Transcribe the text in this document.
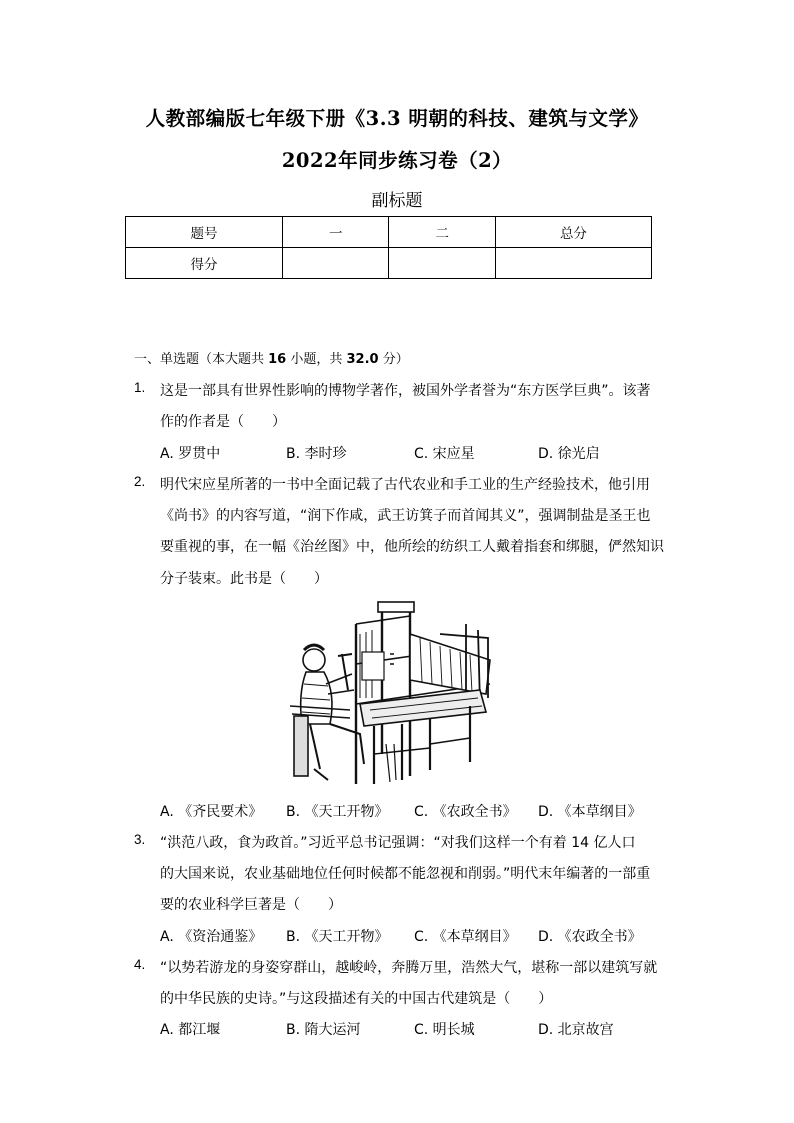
人教部编版七年级下册《3.3 明朝的科技、建筑与文学》
2022年同步练习卷（2）
副标题
题号	一	二	总分
得分			
一、单选题（本大题共 16 小题，共 32.0 分）
1. 这是一部具有世界性影响的博物学著作，被国外学者誉为“东方医学巨典”。该著
作的作者是（　　）
A. 罗贯中	B. 李时珍	C. 宋应星	D. 徐光启
2. 明代宋应星所著的一书中全面记载了古代农业和手工业的生产经验技术，他引用
《尚书》的内容写道，“润下作咸，武王访箕子而首闻其义”，强调制盐是圣王也
要重视的事，在一幅《治丝图》中，他所绘的纺织工人戴着指套和绑腿，俨然知识
分子装束。此书是（　　）
A. 《齐民要术》 B. 《天工开物》 C. 《农政全书》 D. 《本草纲目》
3. “洪范八政，食为政首。”习近平总书记强调：“对我们这样一个有着 14 亿人口
的大国来说，农业基础地位任何时候都不能忽视和削弱。”明代末年编著的一部重
要的农业科学巨著是（　　）
A. 《资治通鉴》 B. 《天工开物》 C. 《本草纲目》 D. 《农政全书》
4. “以势若游龙的身姿穿群山，越峻岭，奔腾万里，浩然大气，堪称一部以建筑写就
的中华民族的史诗。”与这段描述有关的中国古代建筑是（　　）
A. 都江堰	B. 隋大运河	C. 明长城	D. 北京故宫
